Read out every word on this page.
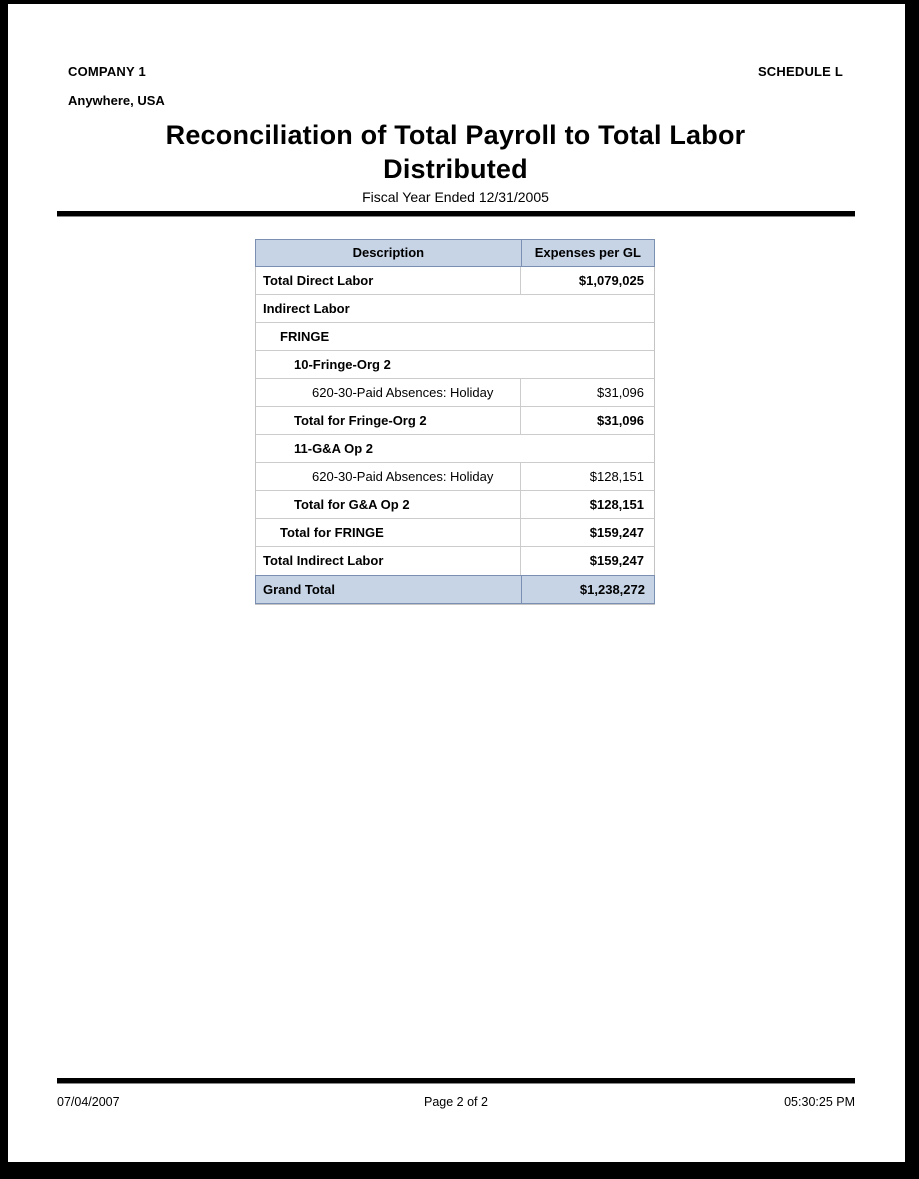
COMPANY 1	SCHEDULE L
Anywhere, USA
Reconciliation of Total Payroll to Total Labor Distributed
Fiscal Year Ended 12/31/2005
Description	Expenses per GL
Total Direct Labor	$1,079,025
Indirect Labor
FRINGE
10-Fringe-Org 2
620-30-Paid Absences: Holiday	$31,096
Total for Fringe-Org 2	$31,096
11-G&A Op 2
620-30-Paid Absences: Holiday	$128,151
Total for G&A Op 2	$128,151
Total for FRINGE	$159,247
Total Indirect Labor	$159,247
Grand Total	$1,238,272
07/04/2007	Page 2 of 2	05:30:25 PM
